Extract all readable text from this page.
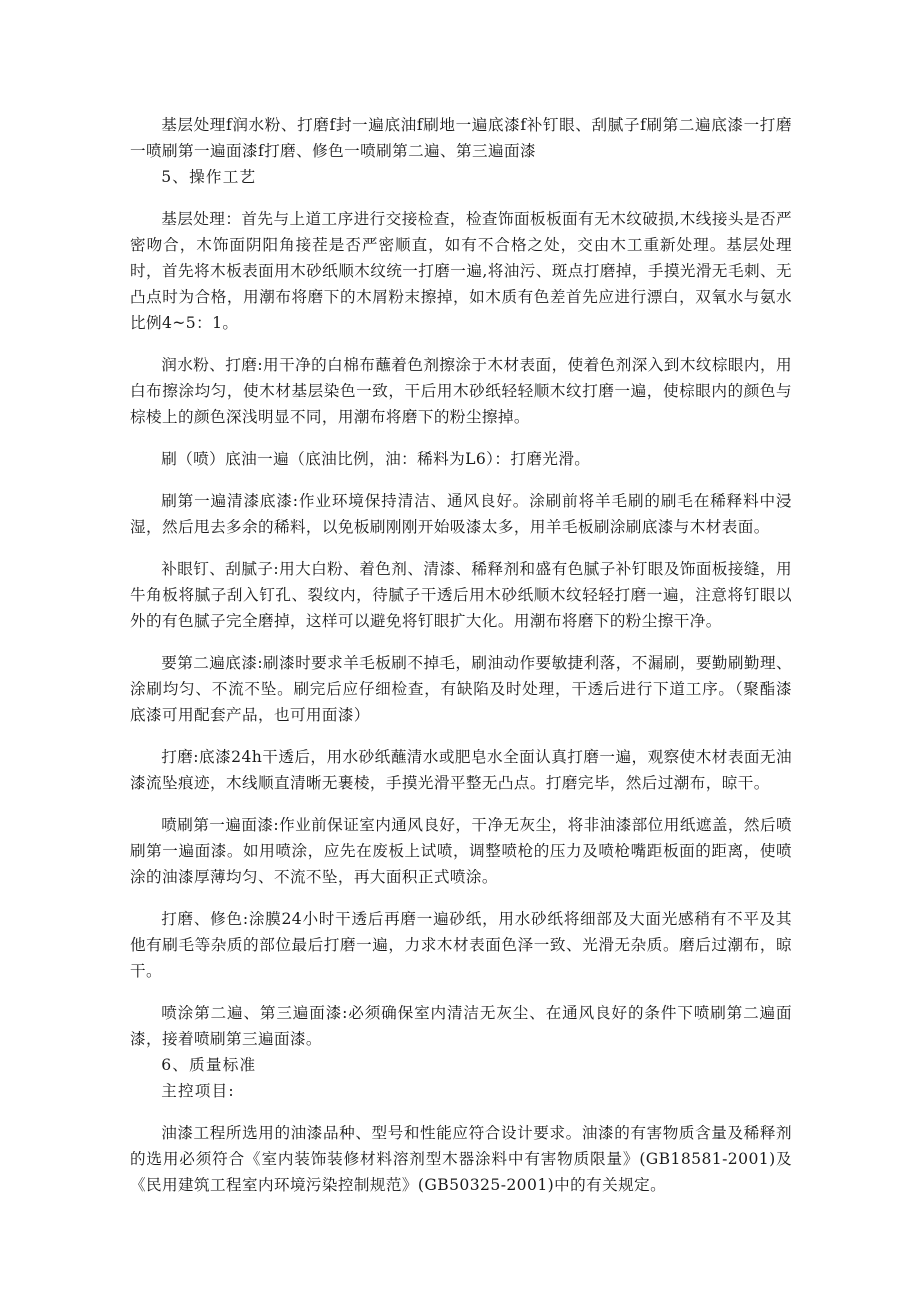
基层处理f润水粉、打磨f封一遍底油f刷地一遍底漆f补钉眼、刮腻子f刷第二遍底漆一打磨一喷刷第一遍面漆f打磨、修色一喷刷第二遍、第三遍面漆

5、操作工艺

基层处理：首先与上道工序进行交接检查，检查饰面板板面有无木纹破损,木线接头是否严密吻合，木饰面阴阳角接茬是否严密顺直，如有不合格之处，交由木工重新处理。基层处理时，首先将木板表面用木砂纸顺木纹统一打磨一遍,将油污、斑点打磨掉，手摸光滑无毛刺、无凸点时为合格，用潮布将磨下的木屑粉末擦掉，如木质有色差首先应进行漂白，双氧水与氨水比例4~5：1。

润水粉、打磨:用干净的白棉布蘸着色剂擦涂于木材表面，使着色剂深入到木纹棕眼内，用白布擦涂均匀，使木材基层染色一致，干后用木砂纸轻轻顺木纹打磨一遍，使棕眼内的颜色与棕棱上的颜色深浅明显不同，用潮布将磨下的粉尘擦掉。

刷（喷）底油一遍（底油比例，油：稀料为L6）：打磨光滑。

刷第一遍清漆底漆:作业环境保持清洁、通风良好。涂刷前将羊毛刷的刷毛在稀释料中浸湿，然后甩去多余的稀料，以免板刷刚刚开始吸漆太多，用羊毛板刷涂刷底漆与木材表面。

补眼钉、刮腻子:用大白粉、着色剂、清漆、稀释剂和盛有色腻子补钉眼及饰面板接缝，用牛角板将腻子刮入钉孔、裂纹内，待腻子干透后用木砂纸顺木纹轻轻打磨一遍，注意将钉眼以外的有色腻子完全磨掉，这样可以避免将钉眼扩大化。用潮布将磨下的粉尘擦干净。

要第二遍底漆:刷漆时要求羊毛板刷不掉毛，刷油动作要敏捷利落，不漏刷，要勤刷勤理、涂刷均匀、不流不坠。刷完后应仔细检查，有缺陷及时处理，干透后进行下道工序。（聚酯漆底漆可用配套产品，也可用面漆）

打磨:底漆24h干透后，用水砂纸蘸清水或肥皂水全面认真打磨一遍，观察使木材表面无油漆流坠痕迹，木线顺直清晰无裹棱，手摸光滑平整无凸点。打磨完毕，然后过潮布，晾干。

喷刷第一遍面漆:作业前保证室内通风良好，干净无灰尘，将非油漆部位用纸遮盖，然后喷刷第一遍面漆。如用喷涂，应先在废板上试喷，调整喷枪的压力及喷枪嘴距板面的距离，使喷涂的油漆厚薄均匀、不流不坠，再大面积正式喷涂。

打磨、修色:涂膜24小时干透后再磨一遍砂纸，用水砂纸将细部及大面光感稍有不平及其他有刷毛等杂质的部位最后打磨一遍，力求木材表面色泽一致、光滑无杂质。磨后过潮布，晾干。

喷涂第二遍、第三遍面漆:必须确保室内清洁无灰尘、在通风良好的条件下喷刷第二遍面漆，接着喷刷第三遍面漆。

6、质量标准

主控项目:

油漆工程所选用的油漆品种、型号和性能应符合设计要求。油漆的有害物质含量及稀释剂的选用必须符合《室内装饰装修材料溶剂型木器涂料中有害物质限量》(GB18581-2001)及《民用建筑工程室内环境污染控制规范》(GB50325-2001)中的有关规定。
